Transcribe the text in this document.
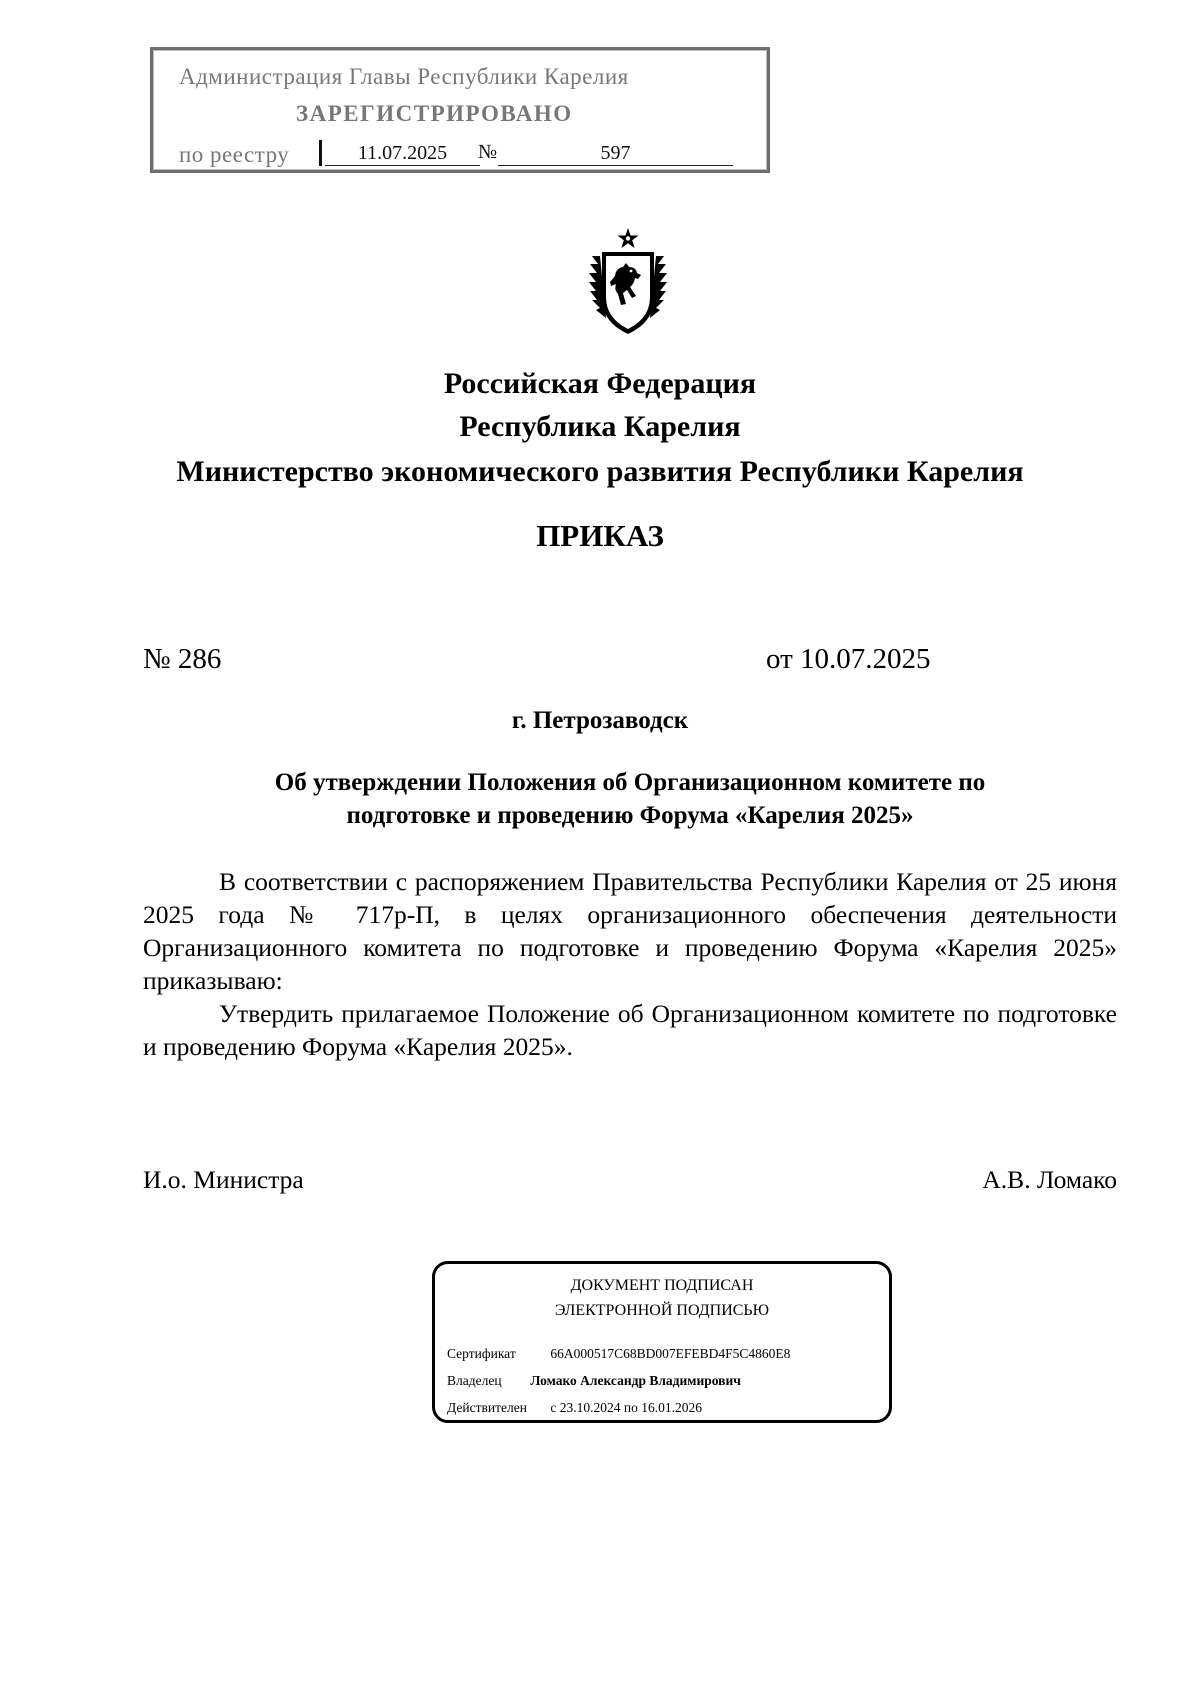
Администрация Главы Республики Карелия
ЗАРЕГИСТРИРОВАНО
по реестру	11.07.2025	№	597
Российская Федерация
Республика Карелия
Министерство экономического развития Республики Карелия
ПРИКАЗ
№ 286	от 10.07.2025
г. Петрозаводск
Об утверждении Положения об Организационном комитете по
подготовке и проведению Форума «Карелия 2025»
В соответствии с распоряжением Правительства Республики Карелия от 25 июня 2025 года № 717р-П, в целях организационного обеспечения деятельности Организационного комитета по подготовке и проведению Форума «Карелия 2025» приказываю:
Утвердить прилагаемое Положение об Организационном комитете по подготовке и проведению Форума «Карелия 2025».
И.о. Министра	А.В. Ломако
ДОКУМЕНТ ПОДПИСАН
ЭЛЕКТРОННОЙ ПОДПИСЬЮ
Сертификат	66A000517C68BD007EFEBD4F5C4860E8
Владелец Ломако Александр Владимирович
Действителен с 23.10.2024 по 16.01.2026
